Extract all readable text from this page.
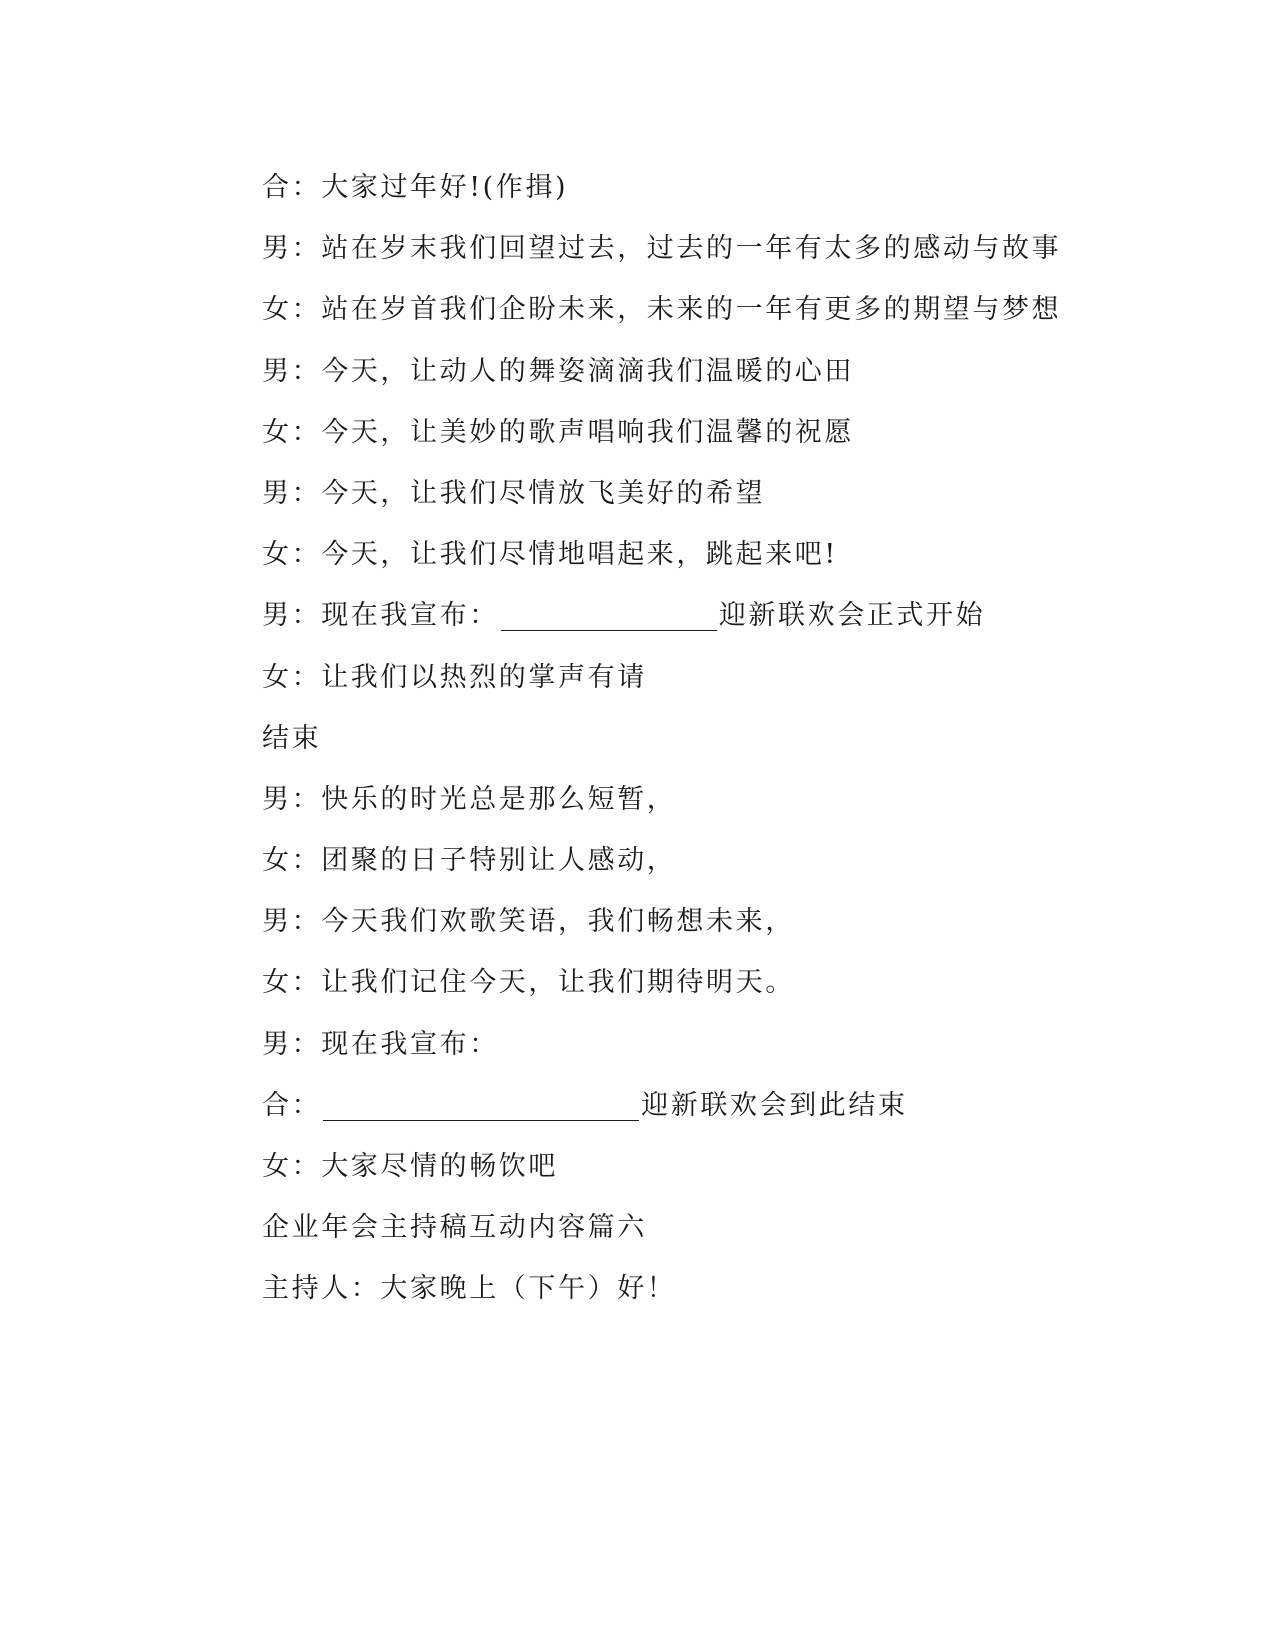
合：大家过年好!(作揖)
男：站在岁末我们回望过去，过去的一年有太多的感动与故事
女：站在岁首我们企盼未来，未来的一年有更多的期望与梦想
男：今天，让动人的舞姿滴滴我们温暖的心田
女：今天，让美妙的歌声唱响我们温馨的祝愿
男：今天，让我们尽情放飞美好的希望
女：今天，让我们尽情地唱起来，跳起来吧!
男：现在我宣布：	迎新联欢会正式开始
女：让我们以热烈的掌声有请
结束
男：快乐的时光总是那么短暂，
女：团聚的日子特别让人感动，
男：今天我们欢歌笑语，我们畅想未来，
女：让我们记住今天，让我们期待明天。
男：现在我宣布：
合：	迎新联欢会到此结束
女：大家尽情的畅饮吧
企业年会主持稿互动内容篇六
主持人：大家晚上（下午）好！
